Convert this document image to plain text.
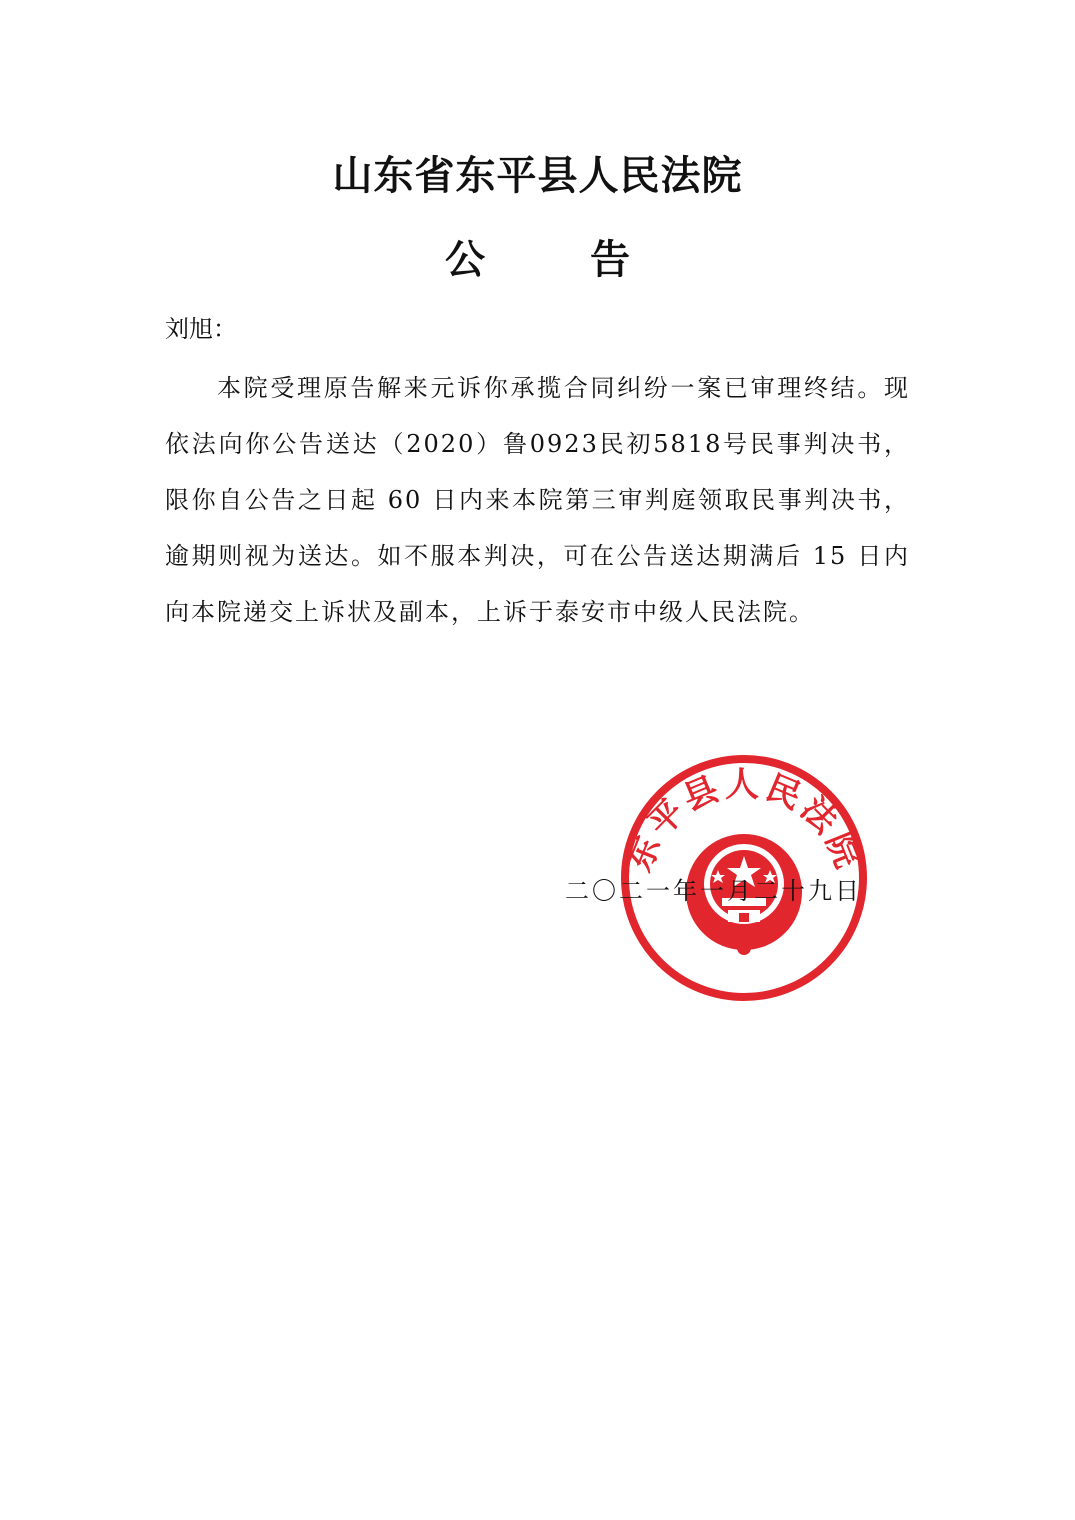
山东省东平县人民法院
公	告
刘旭：
本院受理原告解来元诉你承揽合同纠纷一案已审理终结。现依法向你公告送达（2020）鲁0923民初5818号民事判决书，限你自公告之日起 60 日内来本院第三审判庭领取民事判决书，逾期则视为送达。如不服本判决，可在公告送达期满后 15 日内向本院递交上诉状及副本，上诉于泰安市中级人民法院。
东平县人民法院
二〇二一年一月二十九日
